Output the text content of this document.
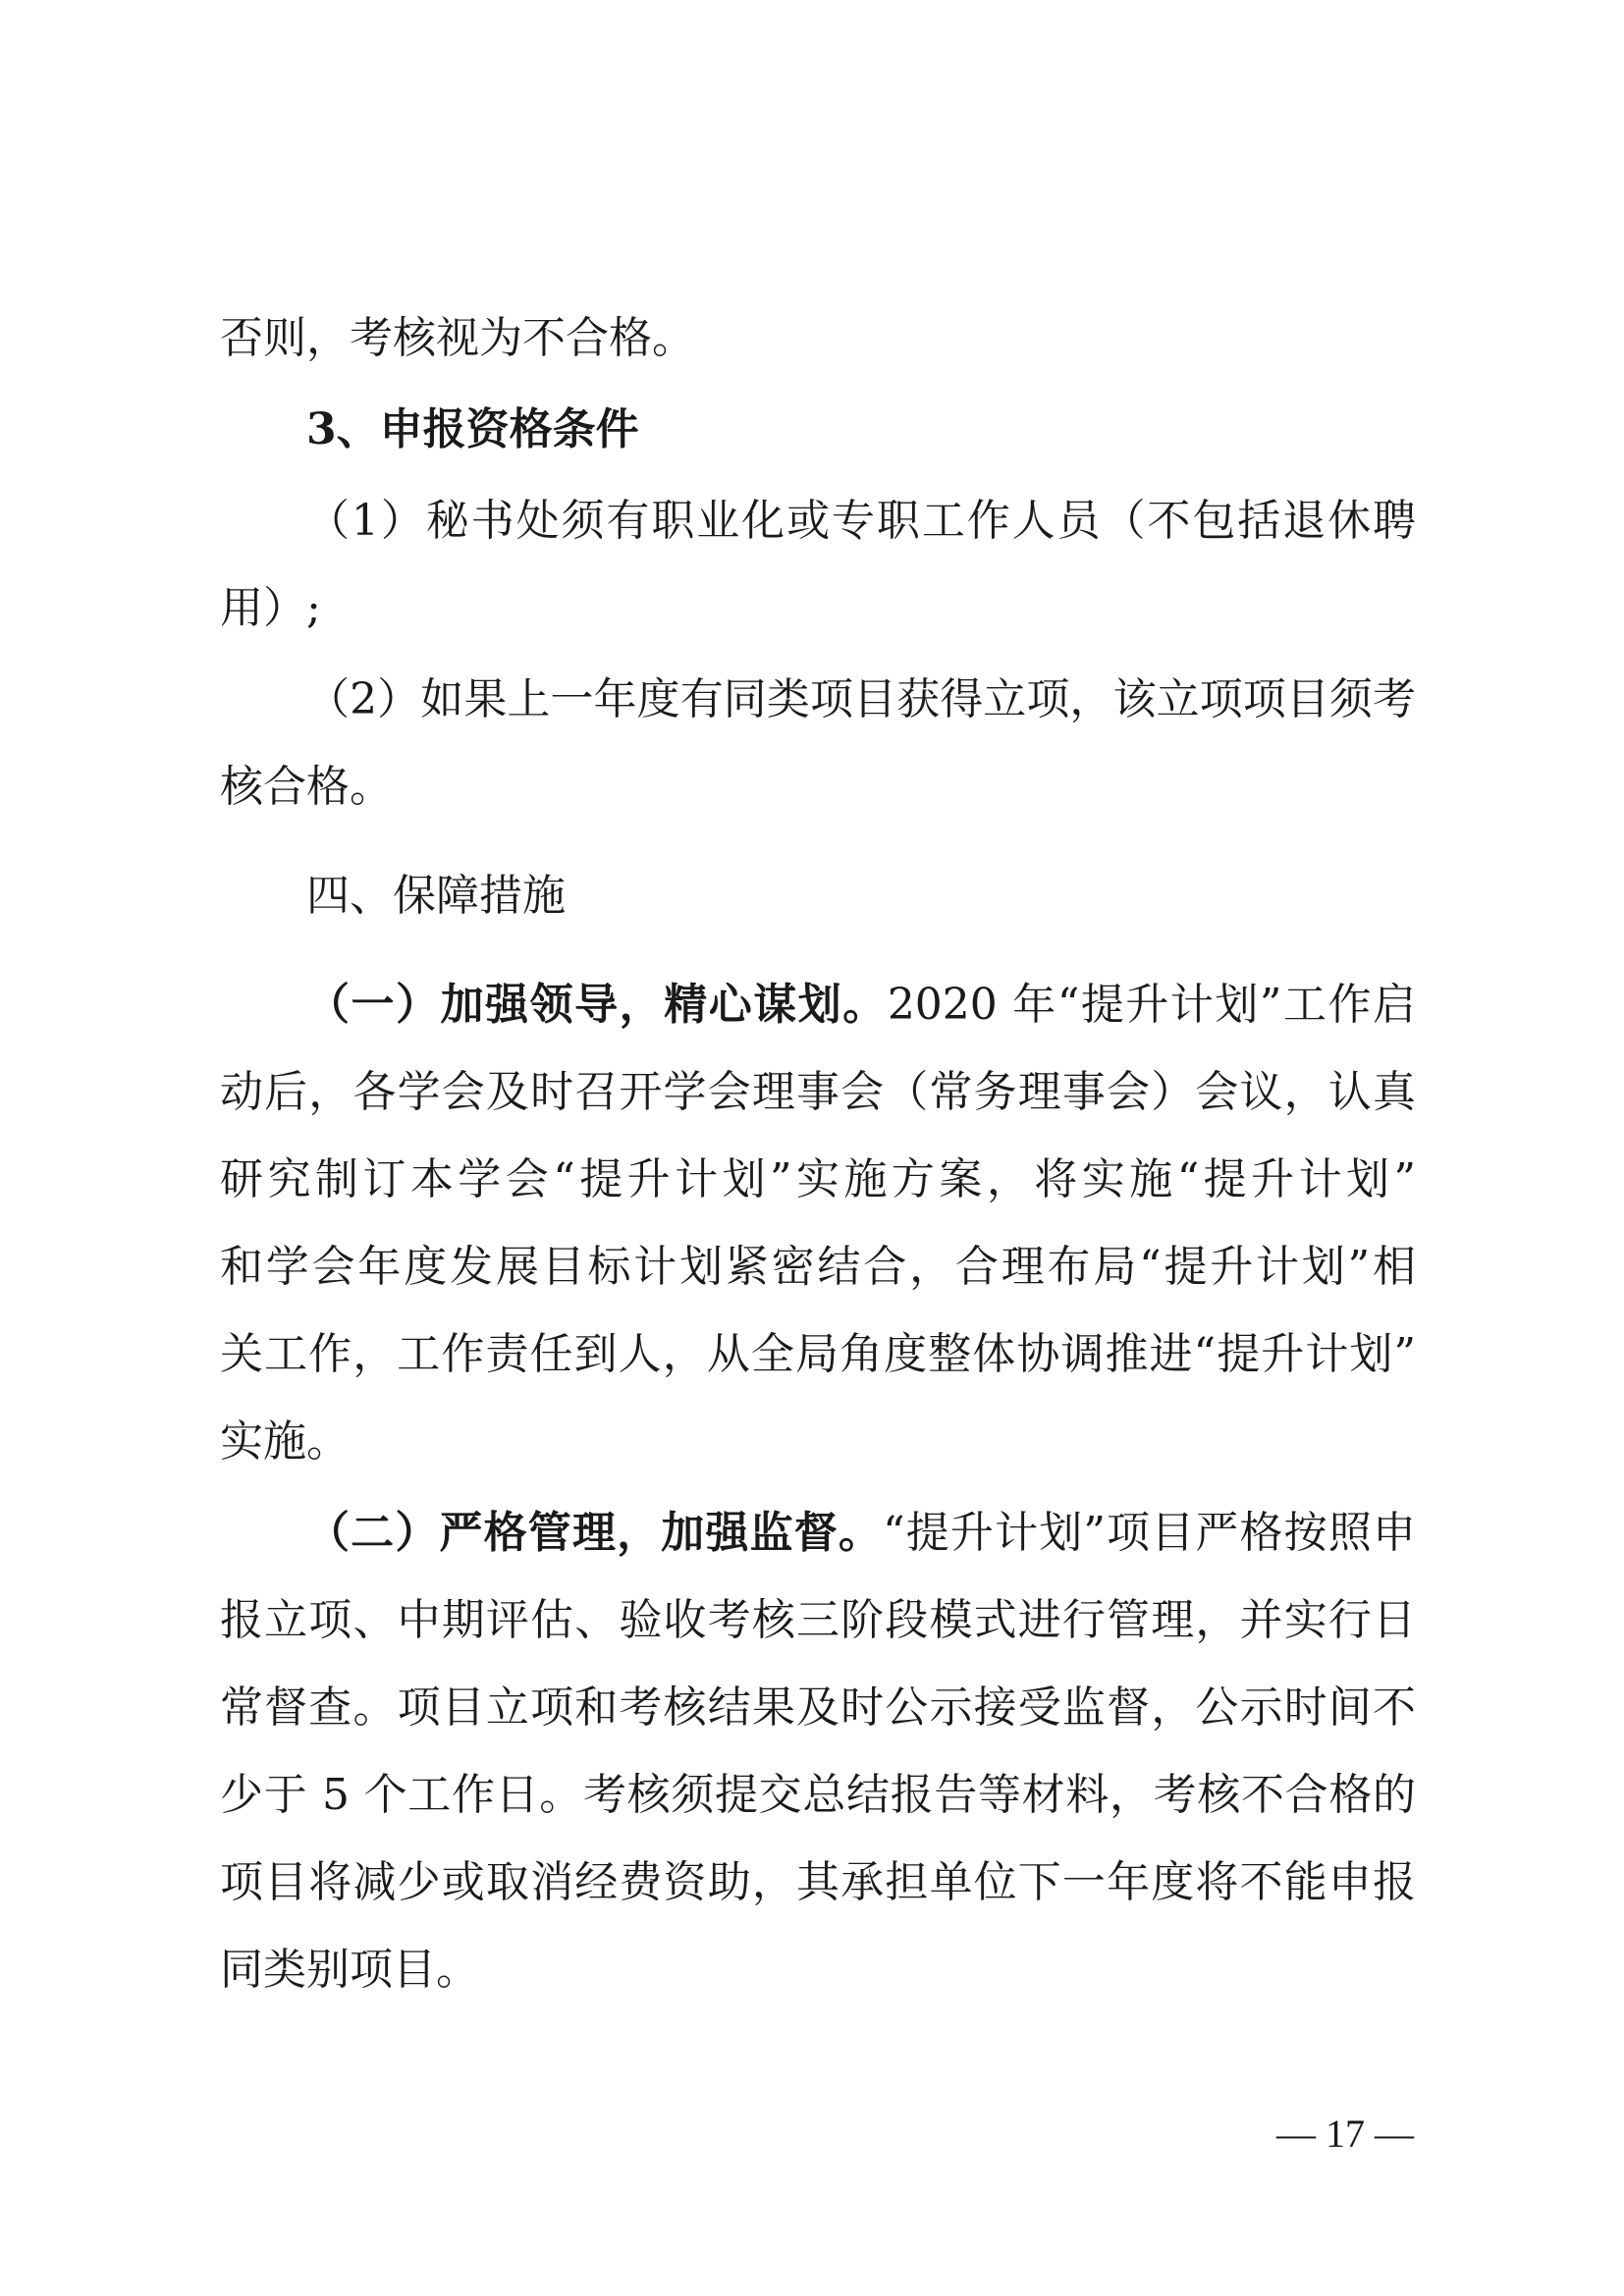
否则，考核视为不合格。
3、申报资格条件
（1）秘书处须有职业化或专职工作人员（不包括退休聘
用）;
（2）如果上一年度有同类项目获得立项，该立项项目须考
核合格。
四、保障措施
（一）加强领导，精心谋划。2020 年“提升计划”工作启
动后，各学会及时召开学会理事会（常务理事会）会议，认真
研究制订本学会“提升计划”实施方案，将实施“提升计划”
和学会年度发展目标计划紧密结合，合理布局“提升计划”相
关工作，工作责任到人，从全局角度整体协调推进“提升计划”
实施。
（二）严格管理，加强监督。“提升计划”项目严格按照申
报立项、中期评估、验收考核三阶段模式进行管理，并实行日
常督查。项目立项和考核结果及时公示接受监督，公示时间不
少于 5 个工作日。考核须提交总结报告等材料，考核不合格的
项目将减少或取消经费资助，其承担单位下一年度将不能申报
同类别项目。
— 17 —
